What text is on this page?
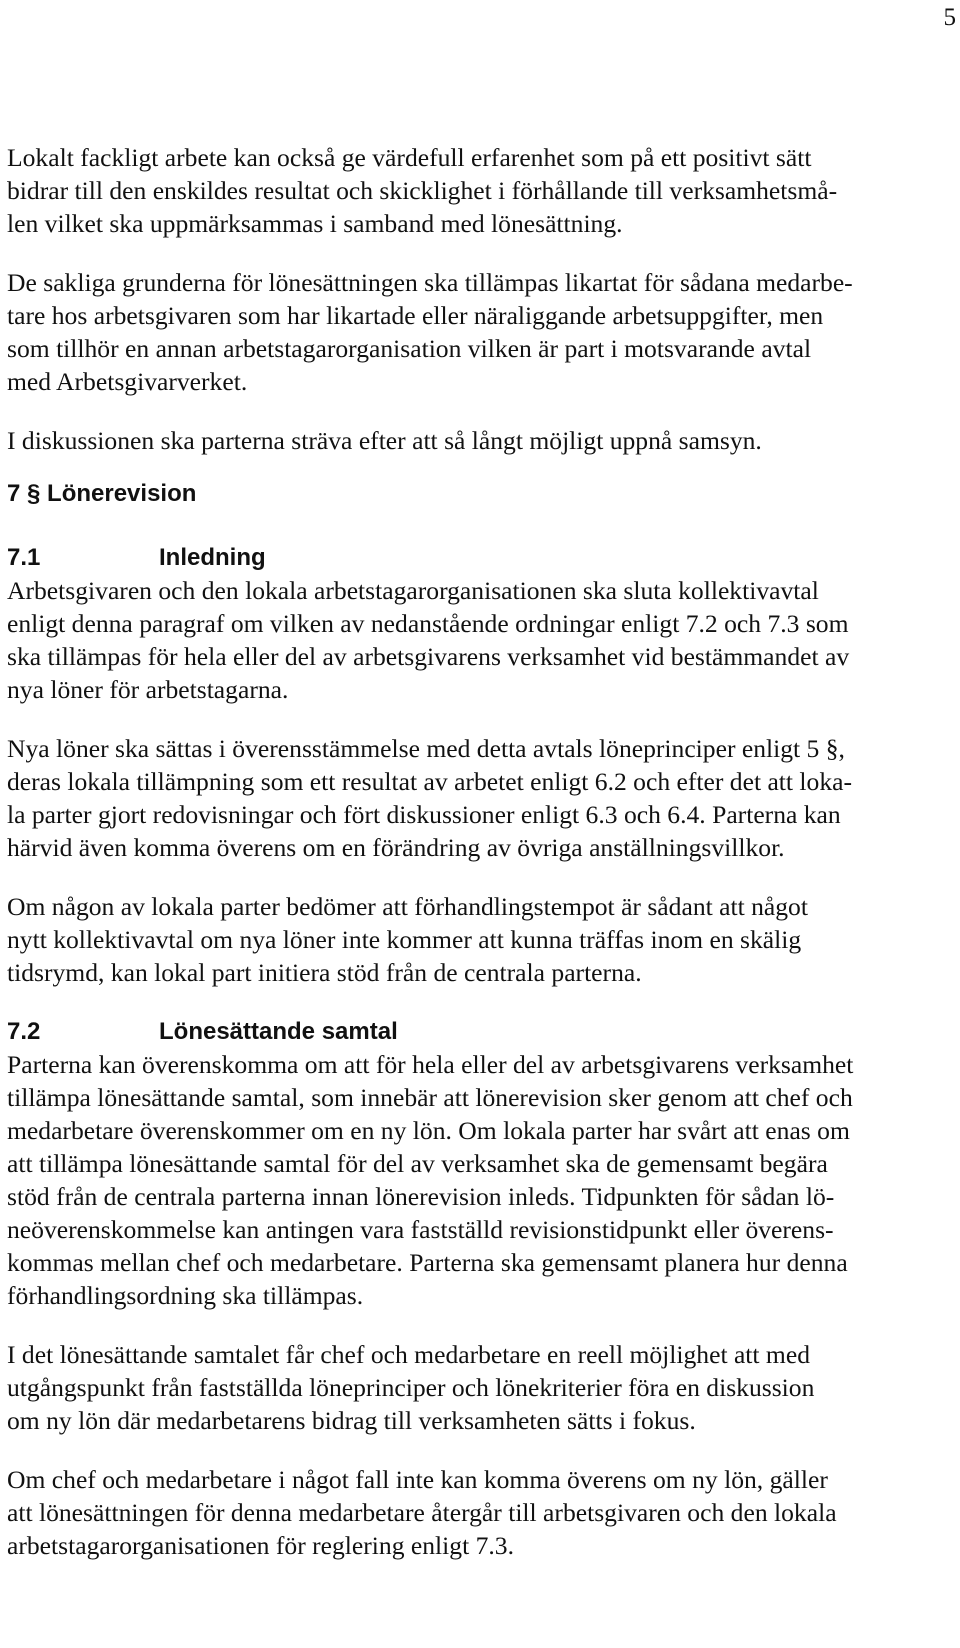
5

Lokalt fackligt arbete kan också ge värdefull erfarenhet som på ett positivt sätt
bidrar till den enskildes resultat och skicklighet i förhållande till verksamhetsmå-
len vilket ska uppmärksammas i samband med lönesättning.

De sakliga grunderna för lönesättningen ska tillämpas likartat för sådana medarbe-
tare hos arbetsgivaren som har likartade eller näraliggande arbetsuppgifter, men
som tillhör en annan arbetstagarorganisation vilken är part i motsvarande avtal
med Arbetsgivarverket.

I diskussionen ska parterna sträva efter att så långt möjligt uppnå samsyn.

7 § Lönerevision
7.1	Inledning

Arbetsgivaren och den lokala arbetstagarorganisationen ska sluta kollektivavtal
enligt denna paragraf om vilken av nedanstående ordningar enligt 7.2 och 7.3 som
ska tillämpas för hela eller del av arbetsgivarens verksamhet vid bestämmandet av
nya löner för arbetstagarna.

Nya löner ska sättas i överensstämmelse med detta avtals löneprinciper enligt 5 §,
deras lokala tillämpning som ett resultat av arbetet enligt 6.2 och efter det att loka-
la parter gjort redovisningar och fört diskussioner enligt 6.3 och 6.4. Parterna kan
härvid även komma överens om en förändring av övriga anställningsvillkor.

Om någon av lokala parter bedömer att förhandlingstempot är sådant att något
nytt kollektivavtal om nya löner inte kommer att kunna träffas inom en skälig
tidsrymd, kan lokal part initiera stöd från de centrala parterna.

7.2	Lönesättande samtal

Parterna kan överenskomma om att för hela eller del av arbetsgivarens verksamhet
tillämpa lönesättande samtal, som innebär att lönerevision sker genom att chef och
medarbetare överenskommer om en ny lön. Om lokala parter har svårt att enas om
att tillämpa lönesättande samtal för del av verksamhet ska de gemensamt begära
stöd från de centrala parterna innan lönerevision inleds. Tidpunkten för sådan lö-
neöverenskommelse kan antingen vara fastställd revisionstidpunkt eller överens-
kommas mellan chef och medarbetare. Parterna ska gemensamt planera hur denna
förhandlingsordning ska tillämpas.

I det lönesättande samtalet får chef och medarbetare en reell möjlighet att med
utgångspunkt från fastställda löneprinciper och lönekriterier föra en diskussion
om ny lön där medarbetarens bidrag till verksamheten sätts i fokus.

Om chef och medarbetare i något fall inte kan komma överens om ny lön, gäller
att lönesättningen för denna medarbetare återgår till arbetsgivaren och den lokala
arbetstagarorganisationen för reglering enligt 7.3.
